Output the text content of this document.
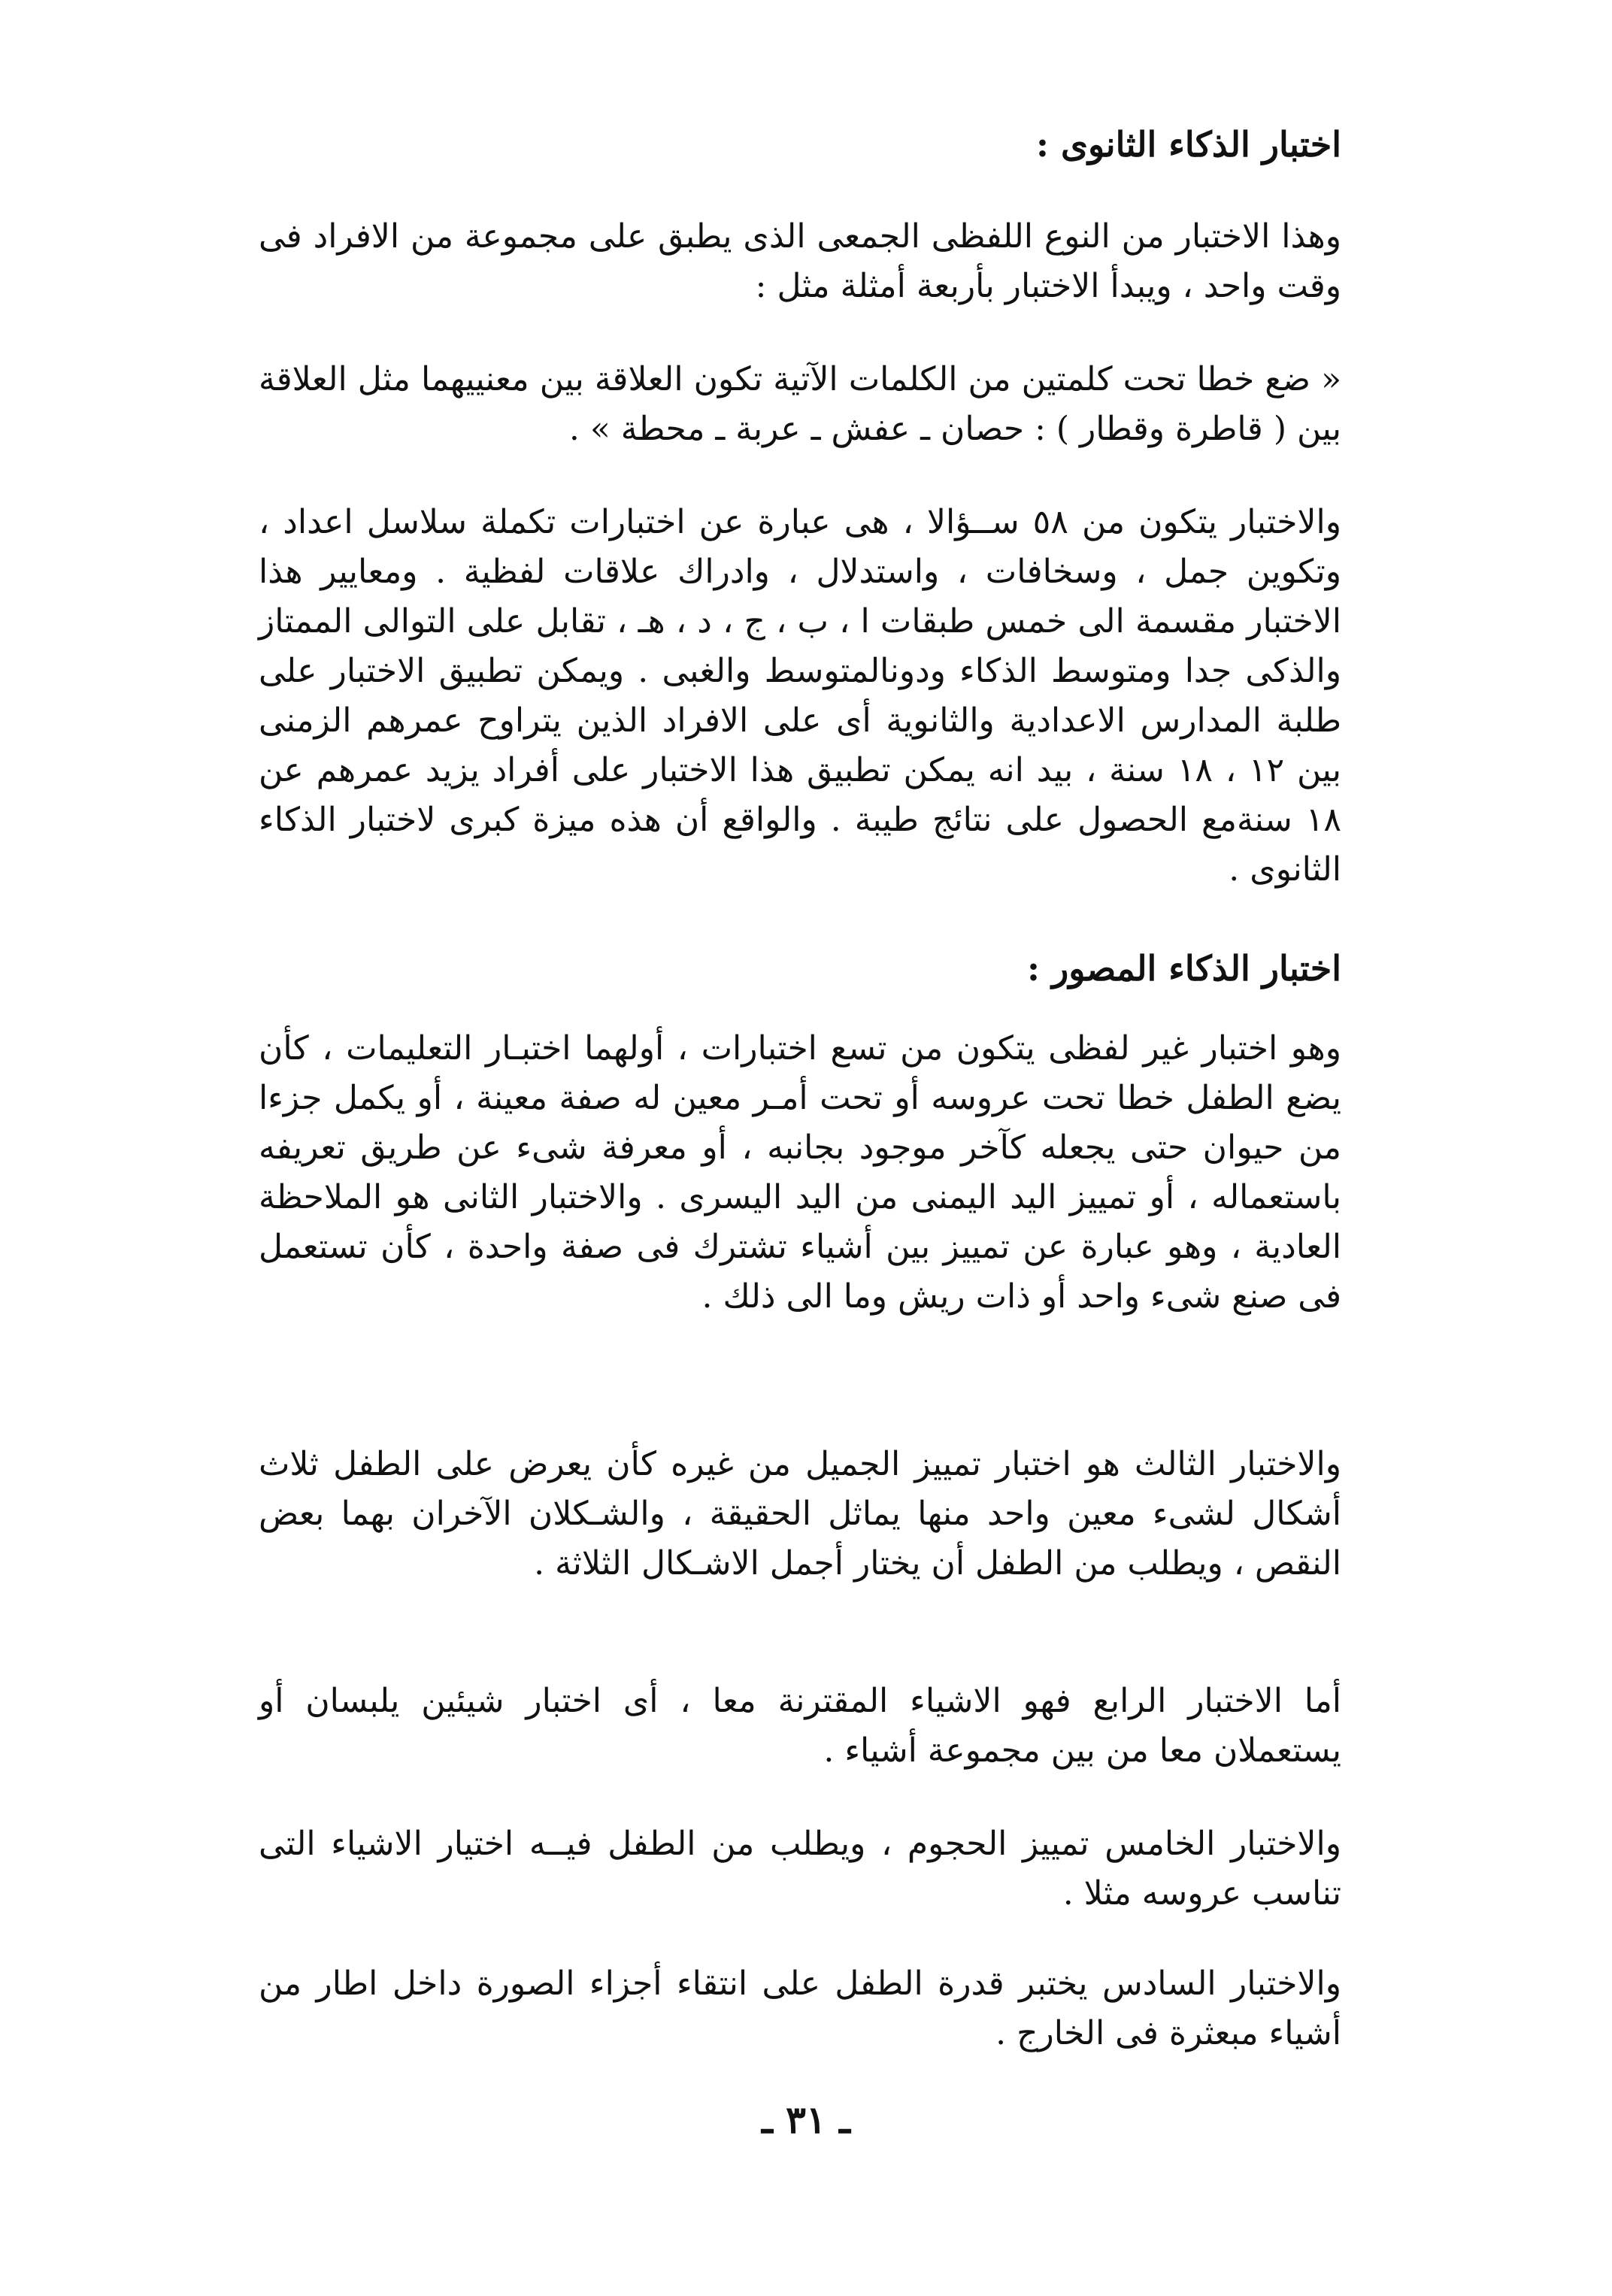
اختبار الذكاء الثانوى :

وهذا الاختبار من النوع اللفظى الجمعى الذى يطبق على مجموعة من الافراد فى وقت واحد ، ويبدأ الاختبار بأربعة أمثلة مثل :

« ضع خطا تحت كلمتين من الكلمات الآتية تكون العلاقة بين معنييهما مثل العلاقة بين ( قاطرة وقطار ) : حصان ـ عفش ـ عربة ـ محطة » .

والاختبار يتكون من ٥٨ ســؤالا ، هى عبارة عن اختبارات تكملة سلاسل اعداد ، وتكوين جمل ، وسخافات ، واستدلال ، وادراك علاقات لفظية . ومعايير هذا الاختبار مقسمة الى خمس طبقات ا ، ب ، ج ، د ، هـ ، تقابل على التوالى الممتاز والذكى جدا ومتوسط الذكاء ودونالمتوسط والغبى . ويمكن تطبيق الاختبار على طلبة المدارس الاعدادية والثانوية أى على الافراد الذين يتراوح عمرهم الزمنى بين ١٢ ، ١٨ سنة ، بيد انه يمكن تطبيق هذا الاختبار على أفراد يزيد عمرهم عن ١٨ سنةمع الحصول على نتائج طيبة . والواقع أن هذه ميزة كبرى لاختبار الذكاء الثانوى .

اختبار الذكاء المصور :

وهو اختبار غير لفظى يتكون من تسع اختبارات ، أولهما اختبـار التعليمات ، كأن يضع الطفل خطا تحت عروسه أو تحت أمـر معين له صفة معينة ، أو يكمل جزءا من حيوان حتى يجعله كآخر موجود بجانبه ، أو معرفة شىء عن طريق تعريفه باستعماله ، أو تمييز اليد اليمنى من اليد اليسرى . والاختبار الثانى هو الملاحظة العادية ، وهو عبارة عن تمييز بين أشياء تشترك فى صفة واحدة ، كأن تستعمل فى صنع شىء واحد أو ذات ريش وما الى ذلك .

والاختبار الثالث هو اختبار تمييز الجميل من غيره كأن يعرض على الطفل ثلاث أشكال لشىء معين واحد منها يماثل الحقيقة ، والشـكلان الآخران بهما بعض النقص ، ويطلب من الطفل أن يختار أجمل الاشـكال الثلاثة .

أما الاختبار الرابع فهو الاشياء المقترنة معا ، أى اختبار شيئين يلبسان أو يستعملان معا من بين مجموعة أشياء .

والاختبار الخامس تمييز الحجوم ، ويطلب من الطفل فيــه اختيار الاشياء التى تناسب عروسه مثلا .

والاختبار السادس يختبر قدرة الطفل على انتقاء أجزاء الصورة داخل اطار من أشياء مبعثرة فى الخارج .

ـ ٣١ ـ
